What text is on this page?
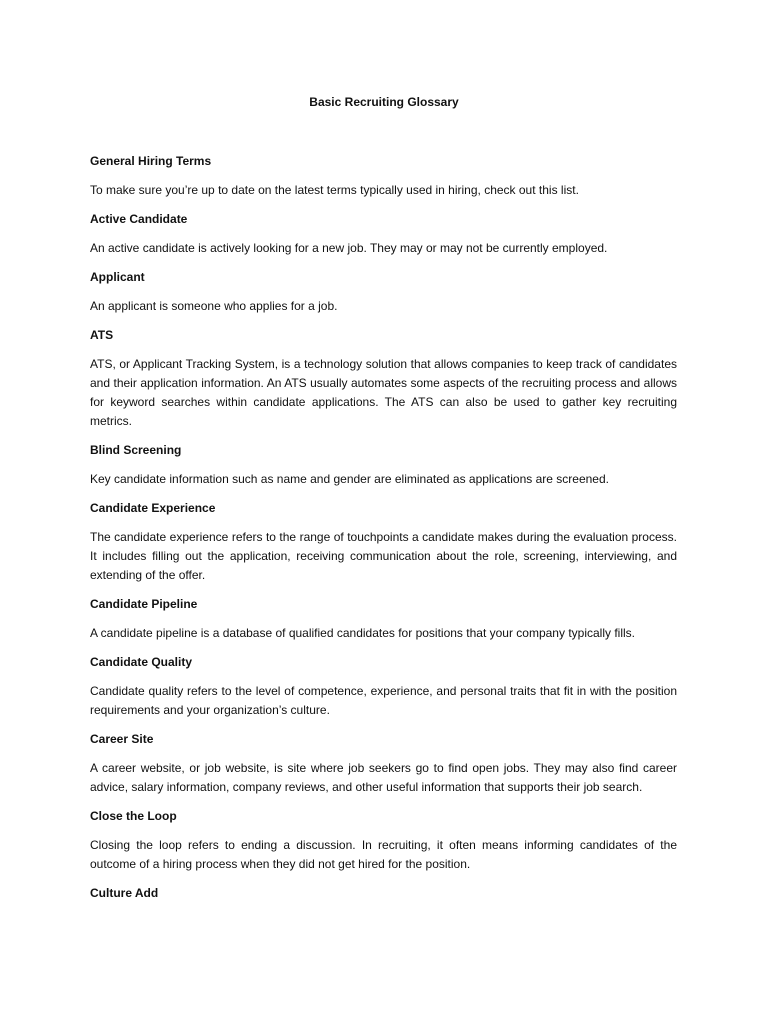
Basic Recruiting Glossary

General Hiring Terms

To make sure you’re up to date on the latest terms typically used in hiring, check out this list.

Active Candidate

An active candidate is actively looking for a new job. They may or may not be currently employed.

Applicant

An applicant is someone who applies for a job.

ATS

ATS, or Applicant Tracking System, is a technology solution that allows companies to keep track of candidates and their application information. An ATS usually automates some aspects of the recruiting process and allows for keyword searches within candidate applications. The ATS can also be used to gather key recruiting metrics.

Blind Screening

Key candidate information such as name and gender are eliminated as applications are screened.

Candidate Experience

The candidate experience refers to the range of touchpoints a candidate makes during the evaluation process. It includes filling out the application, receiving communication about the role, screening, interviewing, and extending of the offer.

Candidate Pipeline

A candidate pipeline is a database of qualified candidates for positions that your company typically fills.

Candidate Quality

Candidate quality refers to the level of competence, experience, and personal traits that fit in with the position requirements and your organization’s culture.

Career Site

A career website, or job website, is site where job seekers go to find open jobs. They may also find career advice, salary information, company reviews, and other useful information that supports their job search.

Close the Loop

Closing the loop refers to ending a discussion. In recruiting, it often means informing candidates of the outcome of a hiring process when they did not get hired for the position.

Culture Add
